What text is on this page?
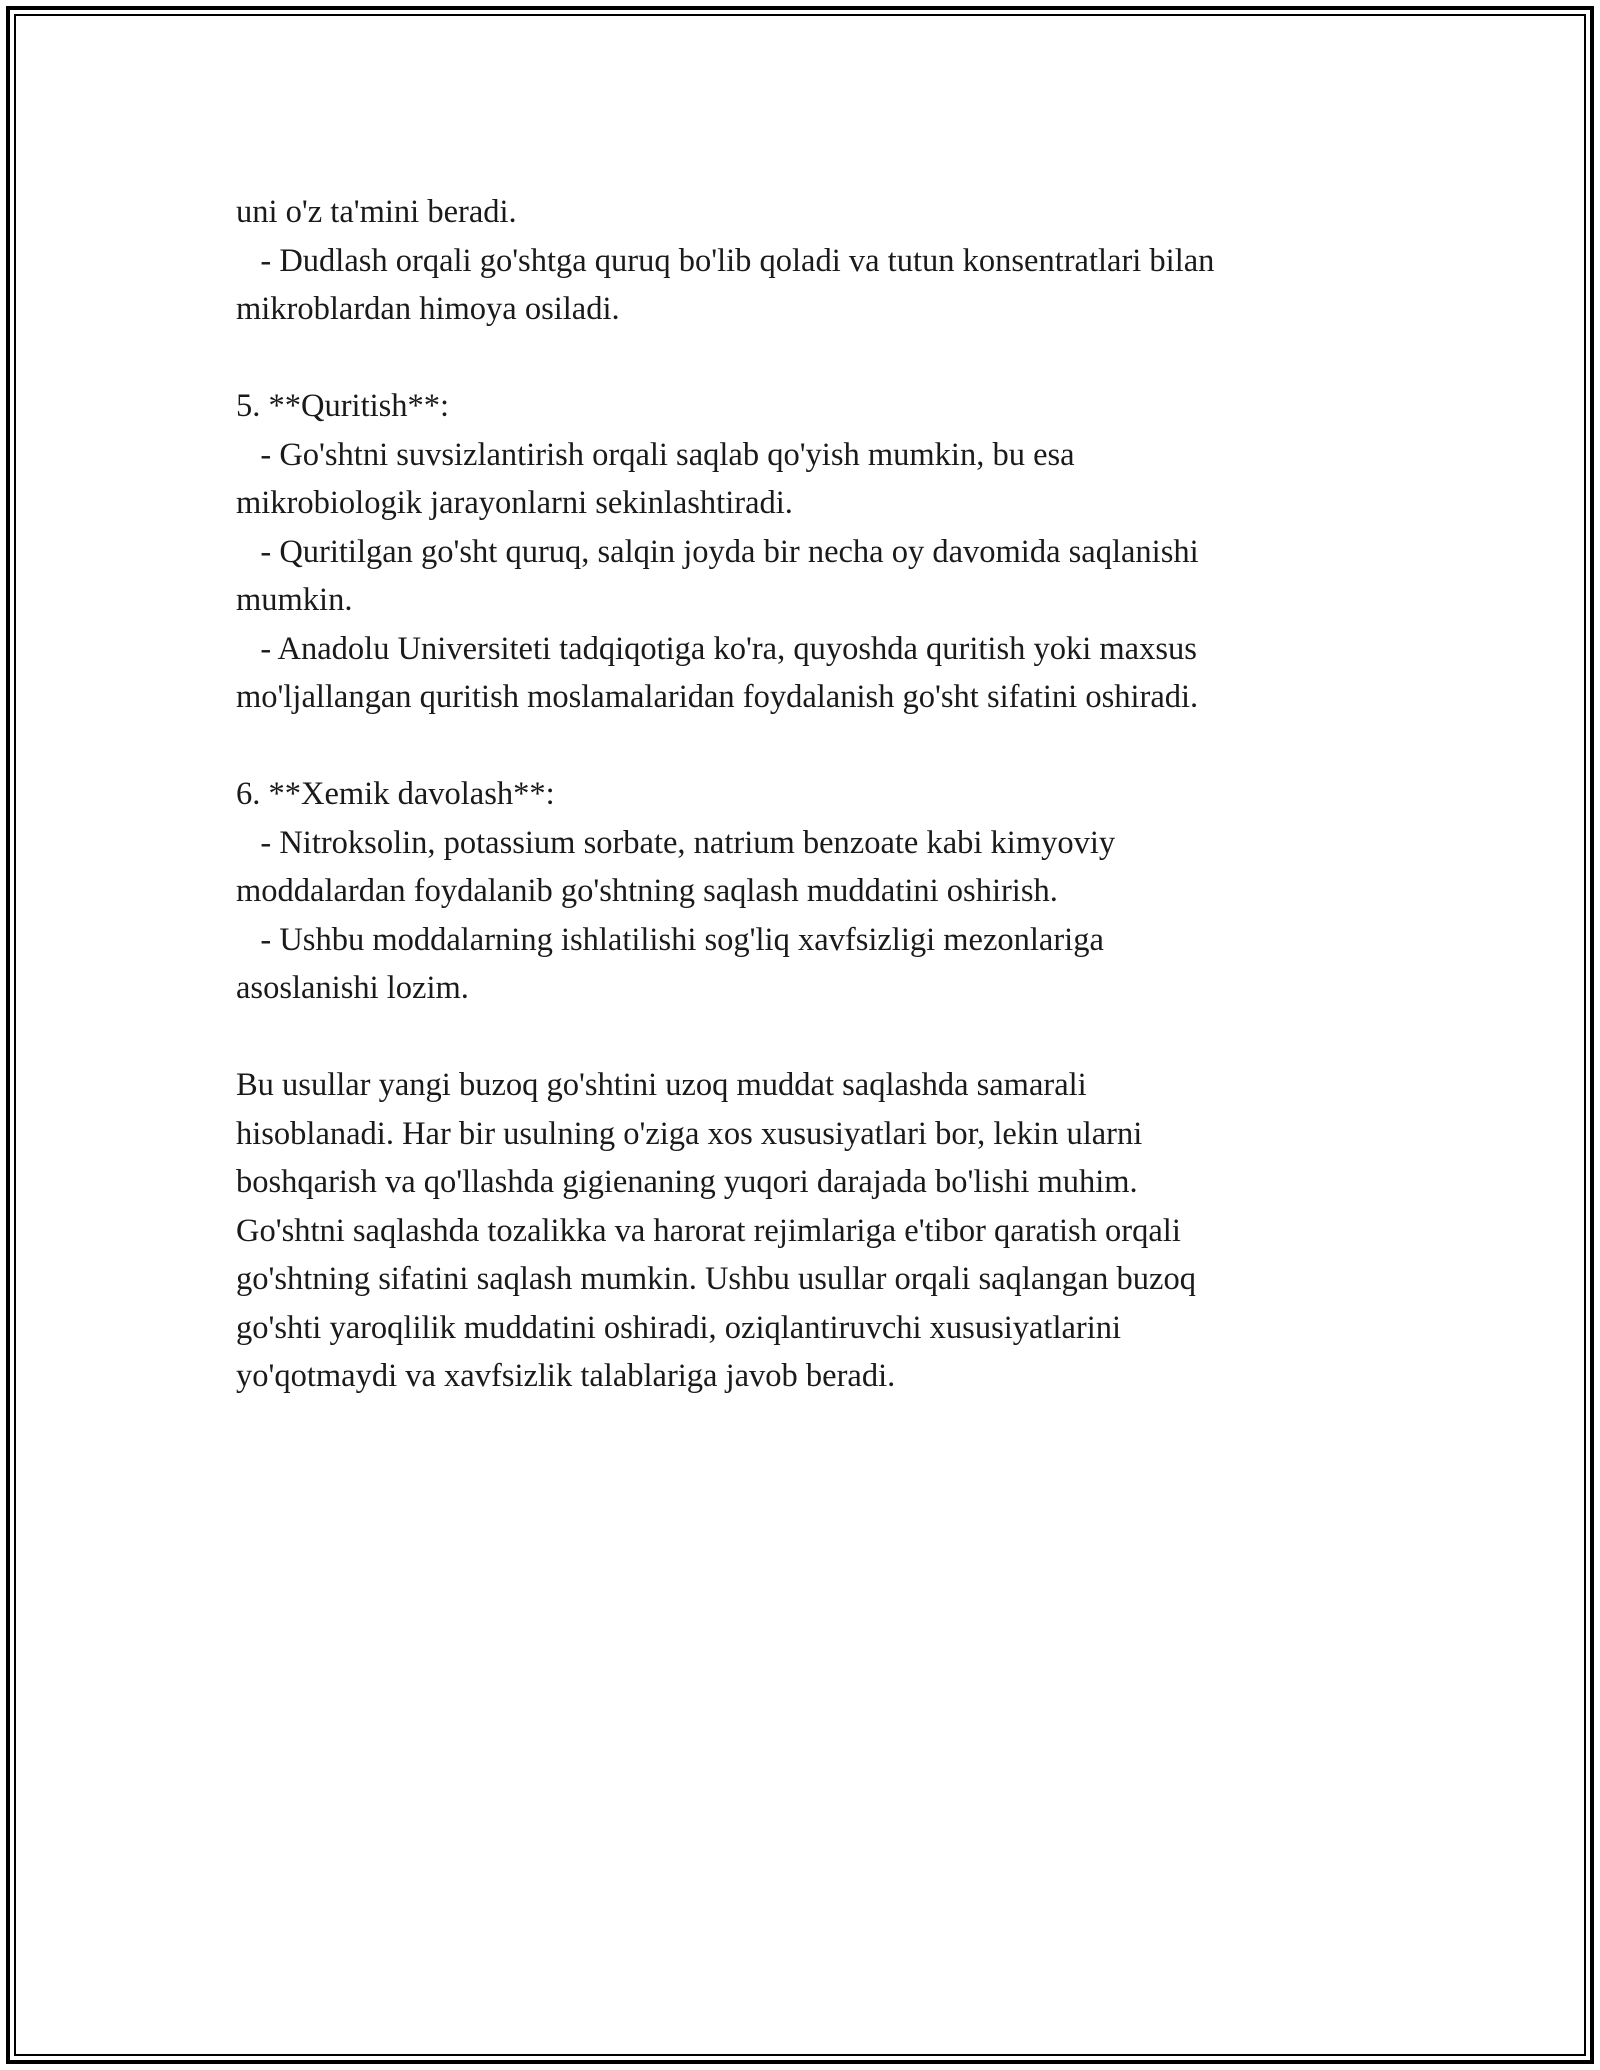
uni o'z ta'mini beradi.
- Dudlash orqali go'shtga quruq bo'lib qoladi va tutun konsentratlari bilan
mikroblardan himoya osiladi.
5. **Quritish**:
- Go'shtni suvsizlantirish orqali saqlab qo'yish mumkin, bu esa
mikrobiologik jarayonlarni sekinlashtiradi.
- Quritilgan go'sht quruq, salqin joyda bir necha oy davomida saqlanishi
mumkin.
- Anadolu Universiteti tadqiqotiga ko'ra, quyoshda quritish yoki maxsus
mo'ljallangan quritish moslamalaridan foydalanish go'sht sifatini oshiradi.
6. **Xemik davolash**:
- Nitroksolin, potassium sorbate, natrium benzoate kabi kimyoviy
moddalardan foydalanib go'shtning saqlash muddatini oshirish.
- Ushbu moddalarning ishlatilishi sog'liq xavfsizligi mezonlariga
asoslanishi lozim.
Bu usullar yangi buzoq go'shtini uzoq muddat saqlashda samarali
hisoblanadi. Har bir usulning o'ziga xos xususiyatlari bor, lekin ularni
boshqarish va qo'llashda gigienaning yuqori darajada bo'lishi muhim.
Go'shtni saqlashda tozalikka va harorat rejimlariga e'tibor qaratish orqali
go'shtning sifatini saqlash mumkin. Ushbu usullar orqali saqlangan buzoq
go'shti yaroqlilik muddatini oshiradi, oziqlantiruvchi xususiyatlarini
yo'qotmaydi va xavfsizlik talablariga javob beradi.
